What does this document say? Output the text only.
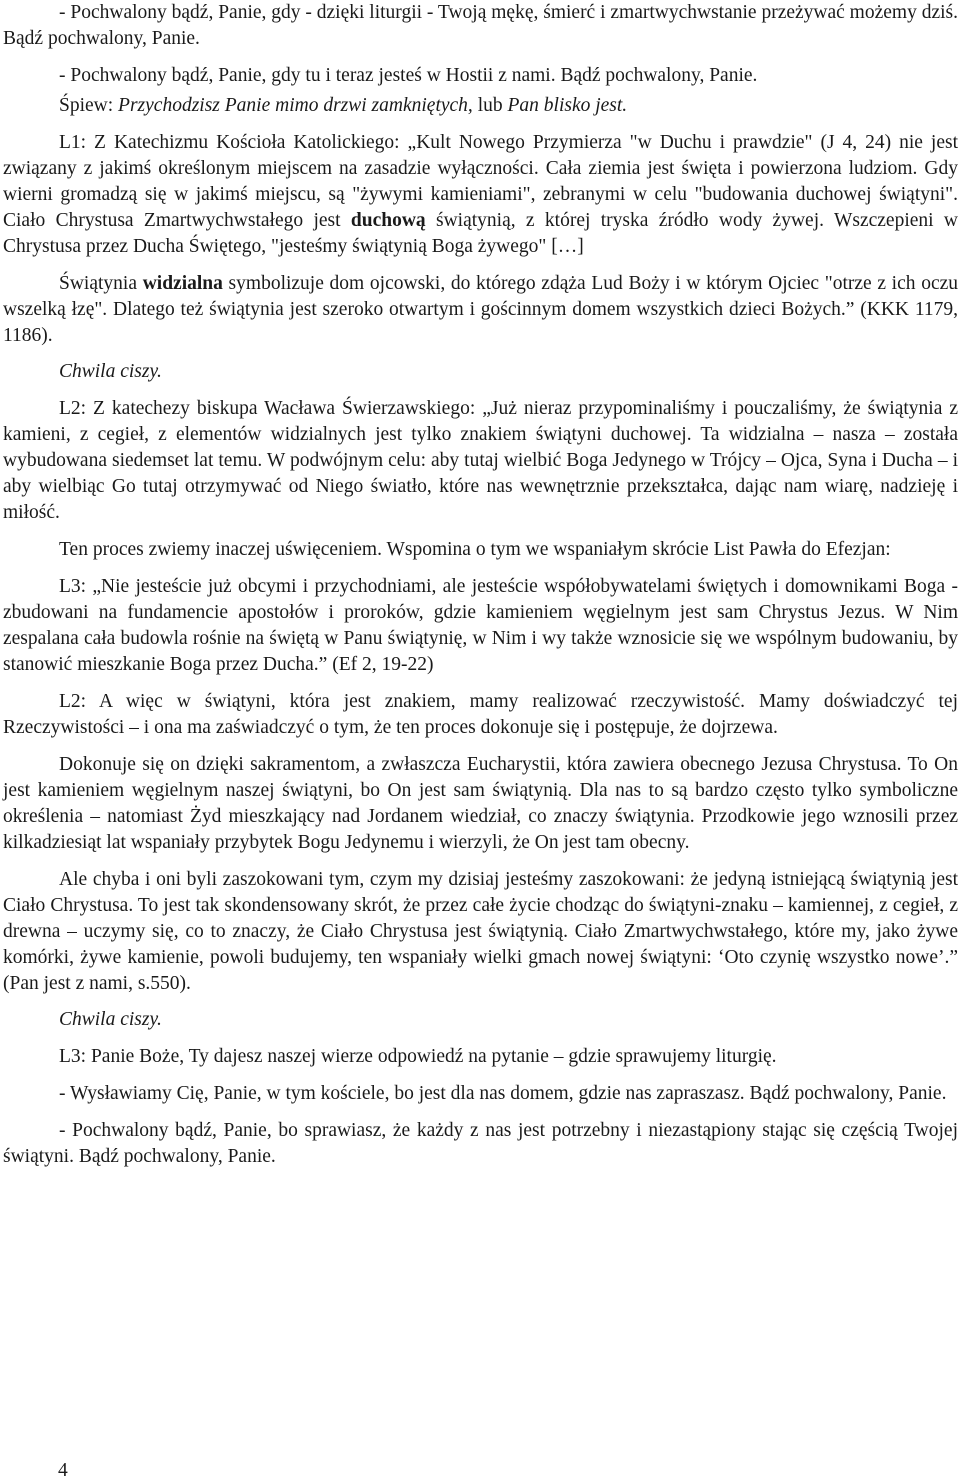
- Pochwalony bądź, Panie, gdy - dzięki liturgii - Twoją mękę, śmierć i zmartwychwstanie przeżywać możemy dziś. Bądź pochwalony, Panie.

- Pochwalony bądź, Panie, gdy tu i teraz jesteś w Hostii z nami. Bądź pochwalony, Panie.

Śpiew: Przychodzisz Panie mimo drzwi zamkniętych, lub Pan blisko jest.

L1: Z Katechizmu Kościoła Katolickiego: „Kult Nowego Przymierza "w Duchu i prawdzie" (J 4, 24) nie jest związany z jakimś określonym miejscem na zasadzie wyłączności. Cała ziemia jest święta i powierzona ludziom. Gdy wierni gromadzą się w jakimś miejscu, są "żywymi kamieniami", zebranymi w celu "budowania duchowej świątyni". Ciało Chrystusa Zmartwychwstałego jest duchową świątynią, z której tryska źródło wody żywej. Wszczepieni w Chrystusa przez Ducha Świętego, "jesteśmy świątynią Boga żywego" […]

Świątynia widzialna symbolizuje dom ojcowski, do którego zdąża Lud Boży i w którym Ojciec "otrze z ich oczu wszelką łzę". Dlatego też świątynia jest szeroko otwartym i gościnnym domem wszystkich dzieci Bożych.” (KKK 1179, 1186).

Chwila ciszy.

L2: Z katechezy biskupa Wacława Świerzawskiego: „Już nieraz przypominaliśmy i pouczaliśmy, że świątynia z kamieni, z cegieł, z elementów widzialnych jest tylko znakiem świątyni duchowej. Ta widzialna – nasza – została wybudowana siedemset lat temu. W podwójnym celu: aby tutaj wielbić Boga Jedynego w Trójcy – Ojca, Syna i Ducha – i aby wielbiąc Go tutaj otrzymywać od Niego światło, które nas wewnętrznie przekształca, dając nam wiarę, nadzieję i miłość.

Ten proces zwiemy inaczej uświęceniem. Wspomina o tym we wspaniałym skrócie List Pawła do Efezjan:

L3: „Nie jesteście już obcymi i przychodniami, ale jesteście współobywatelami świętych i domownikami Boga - zbudowani na fundamencie apostołów i proroków, gdzie kamieniem węgielnym jest sam Chrystus Jezus. W Nim zespalana cała budowla rośnie na świętą w Panu świątynię, w Nim i wy także wznosicie się we wspólnym budowaniu, by stanowić mieszkanie Boga przez Ducha.” (Ef 2, 19-22)

L2: A więc w świątyni, która jest znakiem, mamy realizować rzeczywistość. Mamy doświadczyć tej Rzeczywistości – i ona ma zaświadczyć o tym, że ten proces dokonuje się i postępuje, że dojrzewa.

Dokonuje się on dzięki sakramentom, a zwłaszcza Eucharystii, która zawiera obecnego Jezusa Chrystusa. To On jest kamieniem węgielnym naszej świątyni, bo On jest sam świątynią. Dla nas to są bardzo często tylko symboliczne określenia – natomiast Żyd mieszkający nad Jordanem wiedział, co znaczy świątynia. Przodkowie jego wznosili przez kilkadziesiąt lat wspaniały przybytek Bogu Jedynemu i wierzyli, że On jest tam obecny.

Ale chyba i oni byli zaszokowani tym, czym my dzisiaj jesteśmy zaszokowani: że jedyną istniejącą świątynią jest Ciało Chrystusa. To jest tak skondensowany skrót, że przez całe życie chodząc do świątyni-znaku – kamiennej, z cegieł, z drewna – uczymy się, co to znaczy, że Ciało Chrystusa jest świątynią. Ciało Zmartwychwstałego, które my, jako żywe komórki, żywe kamienie, powoli budujemy, ten wspaniały wielki gmach nowej świątyni: ‘Oto czynię wszystko nowe’.” (Pan jest z nami, s.550).

Chwila ciszy.

L3: Panie Boże, Ty dajesz naszej wierze odpowiedź na pytanie – gdzie sprawujemy liturgię.

- Wysławiamy Cię, Panie, w tym kościele, bo jest dla nas domem, gdzie nas zapraszasz. Bądź pochwalony, Panie.

- Pochwalony bądź, Panie, bo sprawiasz, że każdy z nas jest potrzebny i niezastąpiony stając się częścią Twojej świątyni. Bądź pochwalony, Panie.

4
